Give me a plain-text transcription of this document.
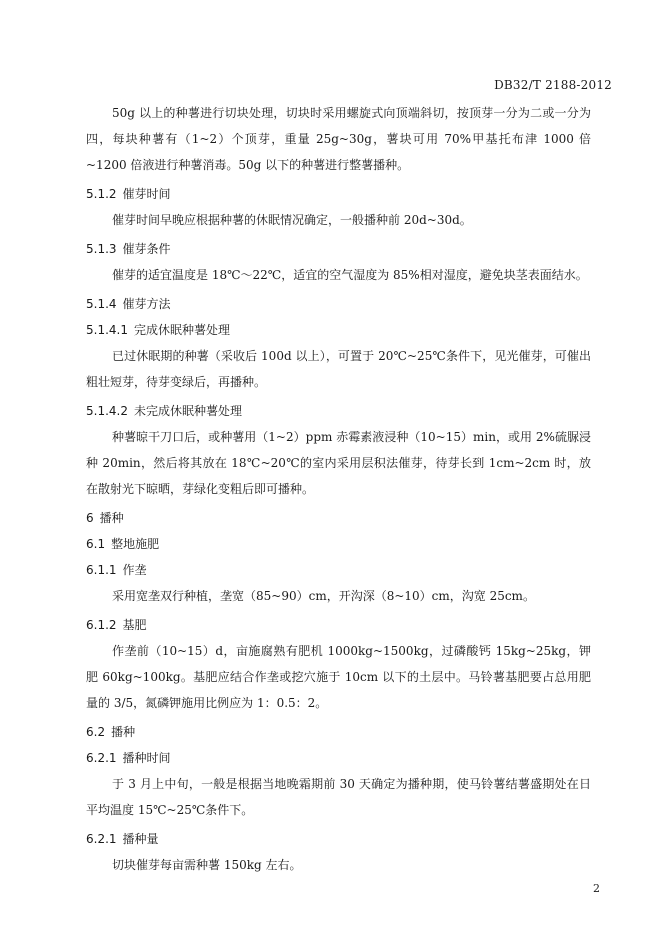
DB32/T 2188-2012

50g 以上的种薯进行切块处理，切块时采用螺旋式向顶端斜切，按顶芽一分为二或一分为四，每块种薯有（1~2）个顶芽，重量 25g~30g，薯块可用 70%甲基托布津 1000 倍~1200 倍液进行种薯消毒。50g 以下的种薯进行整薯播种。

5.1.2 催芽时间

催芽时间早晚应根据种薯的休眠情况确定，一般播种前 20d~30d。

5.1.3 催芽条件

催芽的适宜温度是 18℃～22℃，适宜的空气湿度为 85%相对湿度，避免块茎表面结水。

5.1.4 催芽方法
5.1.4.1 完成休眠种薯处理

已过休眠期的种薯（采收后 100d 以上），可置于 20℃~25℃条件下，见光催芽，可催出粗壮短芽，待芽变绿后，再播种。

5.1.4.2 未完成休眠种薯处理

种薯晾干刀口后，或种薯用（1~2）ppm 赤霉素液浸种（10~15）min，或用 2%硫脲浸种 20min，然后将其放在 18℃~20℃的室内采用层积法催芽，待芽长到 1cm~2cm 时，放在散射光下晾晒，芽绿化变粗后即可播种。

6 播种
6.1 整地施肥
6.1.1 作垄

采用宽垄双行种植，垄宽（85~90）cm，开沟深（8~10）cm，沟宽 25cm。

6.1.2 基肥

作垄前（10~15）d，亩施腐熟有肥机 1000kg~1500kg，过磷酸钙 15kg~25kg，钾肥 60kg~100kg。基肥应结合作垄或挖穴施于 10cm 以下的土层中。马铃薯基肥要占总用肥量的 3/5，氮磷钾施用比例应为 1：0.5：2。

6.2 播种
6.2.1 播种时间

于 3 月上中旬，一般是根据当地晚霜期前 30 天确定为播种期，使马铃薯结薯盛期处在日平均温度 15℃~25℃条件下。

6.2.1 播种量

切块催芽每亩需种薯 150kg 左右。

2
